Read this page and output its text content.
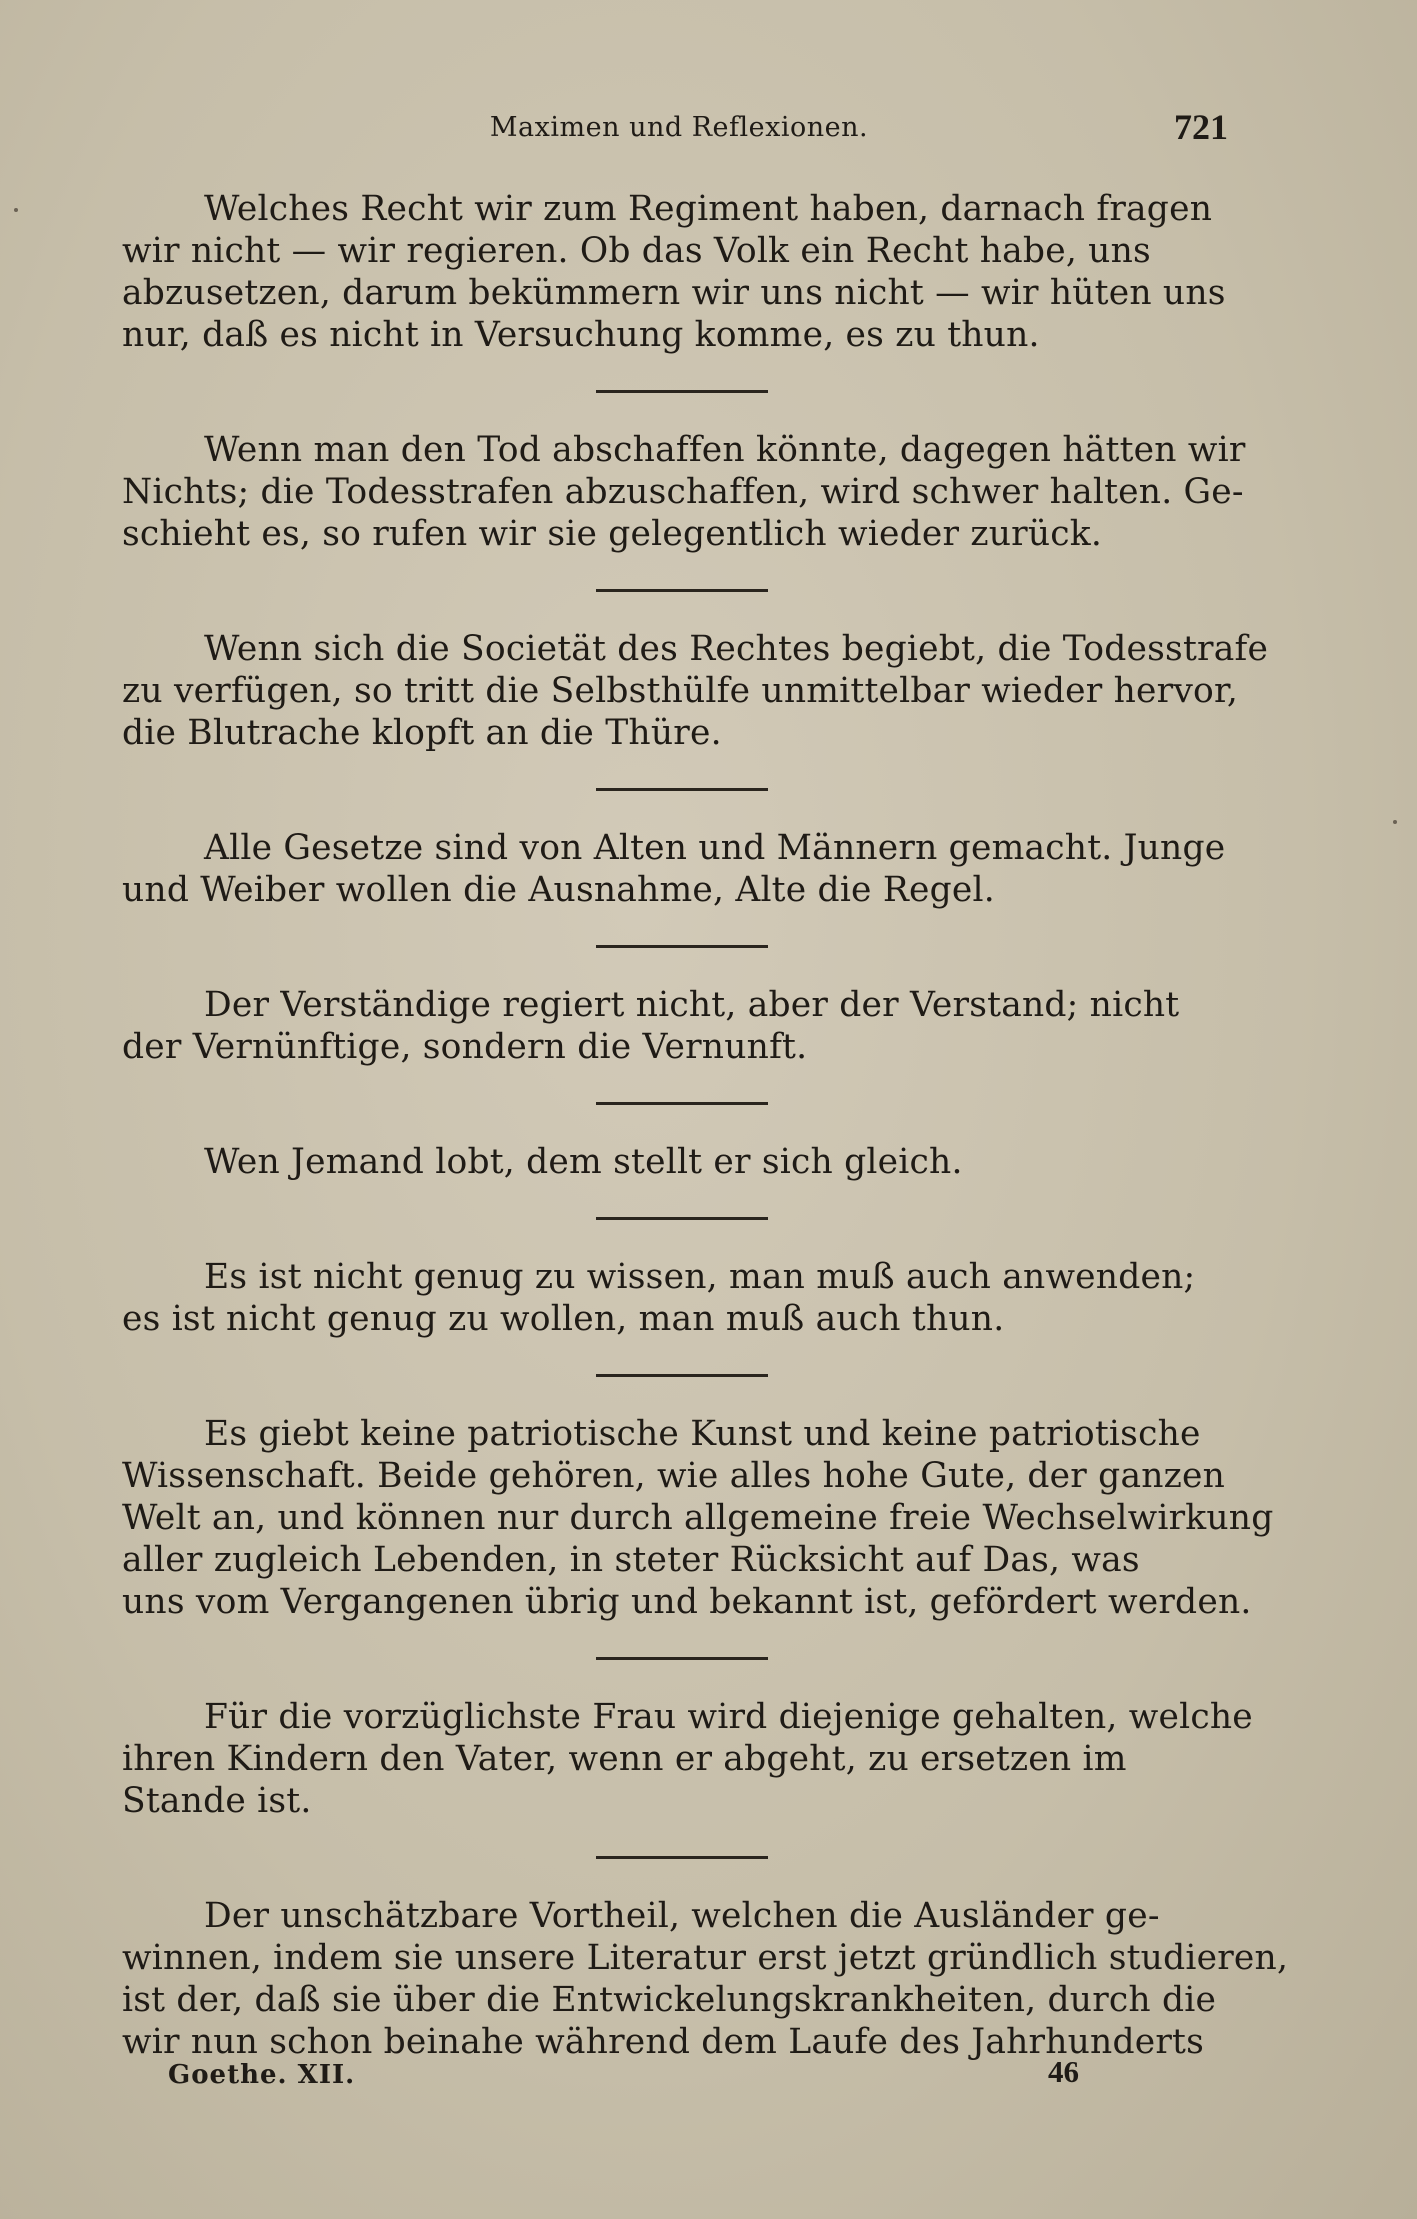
Maximen und Reflexionen.	721

Welches Recht wir zum Regiment haben, darnach fragen
wir nicht — wir regieren. Ob das Volk ein Recht habe, uns
abzusetzen, darum bekümmern wir uns nicht — wir hüten uns
nur, daß es nicht in Versuchung komme, es zu thun.

Wenn man den Tod abschaffen könnte, dagegen hätten wir
Nichts; die Todesstrafen abzuschaffen, wird schwer halten. Ge-
schieht es, so rufen wir sie gelegentlich wieder zurück.

Wenn sich die Societät des Rechtes begiebt, die Todesstrafe
zu verfügen, so tritt die Selbsthülfe unmittelbar wieder hervor,
die Blutrache klopft an die Thüre.

Alle Gesetze sind von Alten und Männern gemacht. Junge
und Weiber wollen die Ausnahme, Alte die Regel.

Der Verständige regiert nicht, aber der Verstand; nicht
der Vernünftige, sondern die Vernunft.

Wen Jemand lobt, dem stellt er sich gleich.

Es ist nicht genug zu wissen, man muß auch anwenden;
es ist nicht genug zu wollen, man muß auch thun.

Es giebt keine patriotische Kunst und keine patriotische
Wissenschaft. Beide gehören, wie alles hohe Gute, der ganzen
Welt an, und können nur durch allgemeine freie Wechselwirkung
aller zugleich Lebenden, in steter Rücksicht auf Das, was
uns vom Vergangenen übrig und bekannt ist, gefördert werden.

Für die vorzüglichste Frau wird diejenige gehalten, welche
ihren Kindern den Vater, wenn er abgeht, zu ersetzen im
Stande ist.

Der unschätzbare Vortheil, welchen die Ausländer ge-
winnen, indem sie unsere Literatur erst jetzt gründlich studieren,
ist der, daß sie über die Entwickelungskrankheiten, durch die
wir nun schon beinahe während dem Laufe des Jahrhunderts

Goethe. XII.	46
